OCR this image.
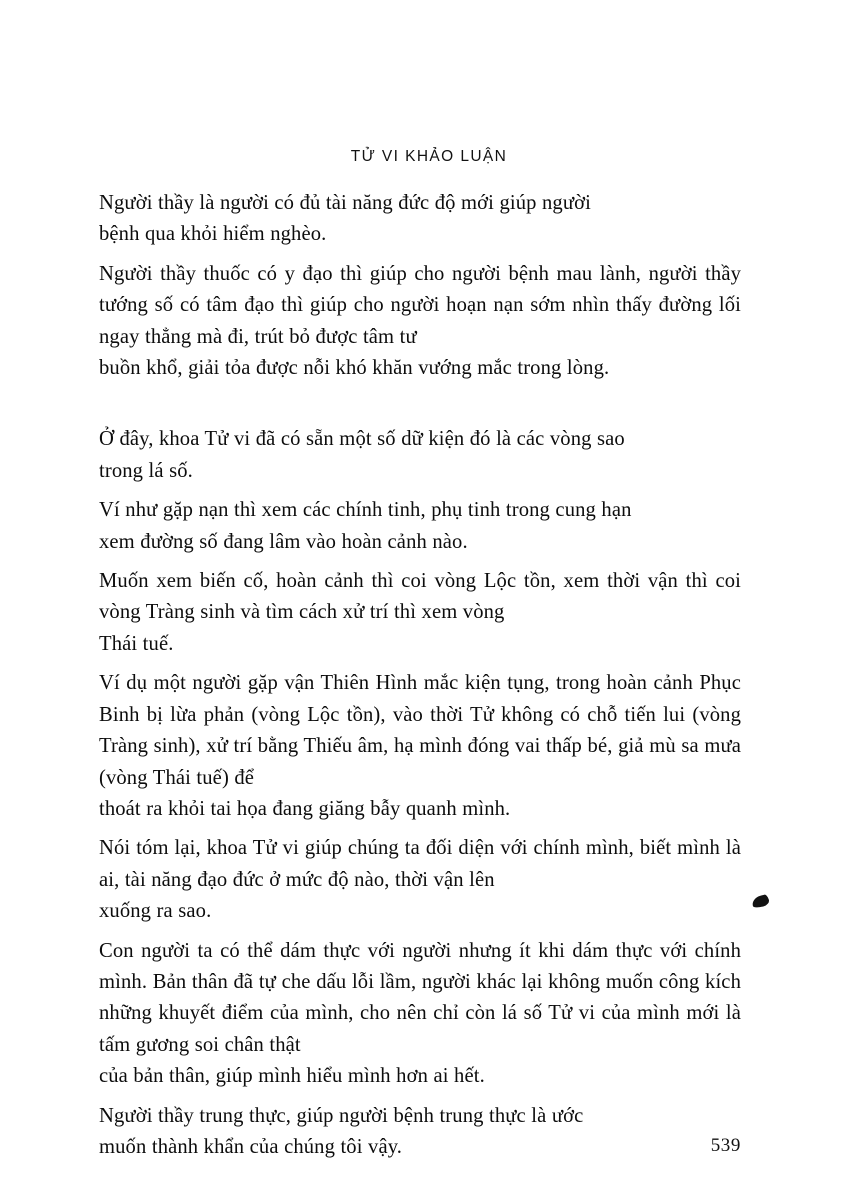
TỬ VI KHẢO LUẬN

Người thầy là người có đủ tài năng đức độ mới giúp người
bệnh qua khỏi hiểm nghèo.

Người thầy thuốc có y đạo thì giúp cho người bệnh mau lành, người thầy tướng số có tâm đạo thì giúp cho người hoạn nạn sớm nhìn thấy đường lối ngay thẳng mà đi, trút bỏ được tâm tư
buồn khổ, giải tỏa được nỗi khó khăn vướng mắc trong lòng.

Ở đây, khoa Tử vi đã có sẵn một số dữ kiện đó là các vòng sao
trong lá số.

Ví như gặp nạn thì xem các chính tinh, phụ tinh trong cung hạn
xem đường số đang lâm vào hoàn cảnh nào.

Muốn xem biến cố, hoàn cảnh thì coi vòng Lộc tồn, xem thời vận thì coi vòng Tràng sinh và tìm cách xử trí thì xem vòng
Thái tuế.

Ví dụ một người gặp vận Thiên Hình mắc kiện tụng, trong hoàn cảnh Phục Binh bị lừa phản (vòng Lộc tồn), vào thời Tử không có chỗ tiến lui (vòng Tràng sinh), xử trí bằng Thiếu âm, hạ mình đóng vai thấp bé, giả mù sa mưa (vòng Thái tuế) để
thoát ra khỏi tai họa đang giăng bẫy quanh mình.

Nói tóm lại, khoa Tử vi giúp chúng ta đối diện với chính mình, biết mình là ai, tài năng đạo đức ở mức độ nào, thời vận lên
xuống ra sao.

Con người ta có thể dám thực với người nhưng ít khi dám thực với chính mình. Bản thân đã tự che dấu lỗi lầm, người khác lại không muốn công kích những khuyết điểm của mình, cho nên chỉ còn lá số Tử vi của mình mới là tấm gương soi chân thật
của bản thân, giúp mình hiểu mình hơn ai hết.

Người thầy trung thực, giúp người bệnh trung thực là ước
muốn thành khẩn của chúng tôi vậy.	539
